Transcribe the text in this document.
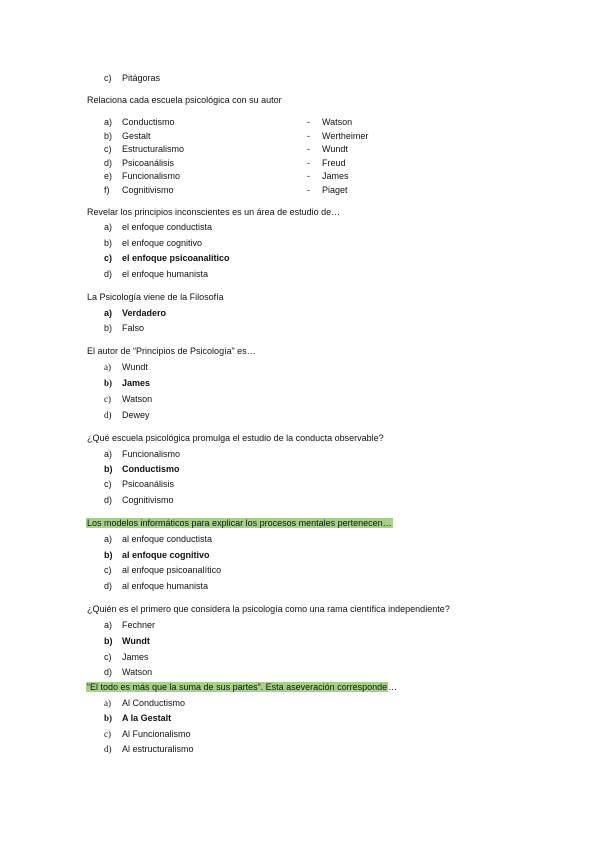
c)	Pitágoras
Relaciona cada escuela psicológica con su autor
a)	Conductismo	- Watson
b)	Gestalt	- Wertheimer
c)	Estructuralismo	- Wundt
d)	Psicoanálisis	- Freud
e)	Funcionalismo	- James
f)	Cognitivismo	- Piaget
Revelar los principios inconscientes es un área de estudio de…
a)	el enfoque conductista
b)	el enfoque cognitivo
c)	el enfoque psicoanalítico
d)	el enfoque humanista
La Psicología viene de la Filosofía
a)	Verdadero
b)	Falso
El autor de “Principios de Psicología” es…
a)	Wundt
b)	James
c)	Watson
d)	Dewey
¿Qué escuela psicológica promulga el estudio de la conducta observable?
a)	Funcionalismo
b)	Conductismo
c)	Psicoanálisis
d)	Cognitivismo
Los modelos informáticos para explicar los procesos mentales pertenecen…
a)	al enfoque conductista
b)	al enfoque cognitivo
c)	al enfoque psicoanalítico
d)	al enfoque humanista
¿Quién es el primero que considera la psicología como una rama científica independiente?
a)	Fechner
b)	Wundt
c)	James
d)	Watson
“El todo es más que la suma de sus partes”. Esta aseveración corresponde…
a)	Al Conductismo
b)	A la Gestalt
c)	Al Funcionalismo
d)	Al estructuralismo
